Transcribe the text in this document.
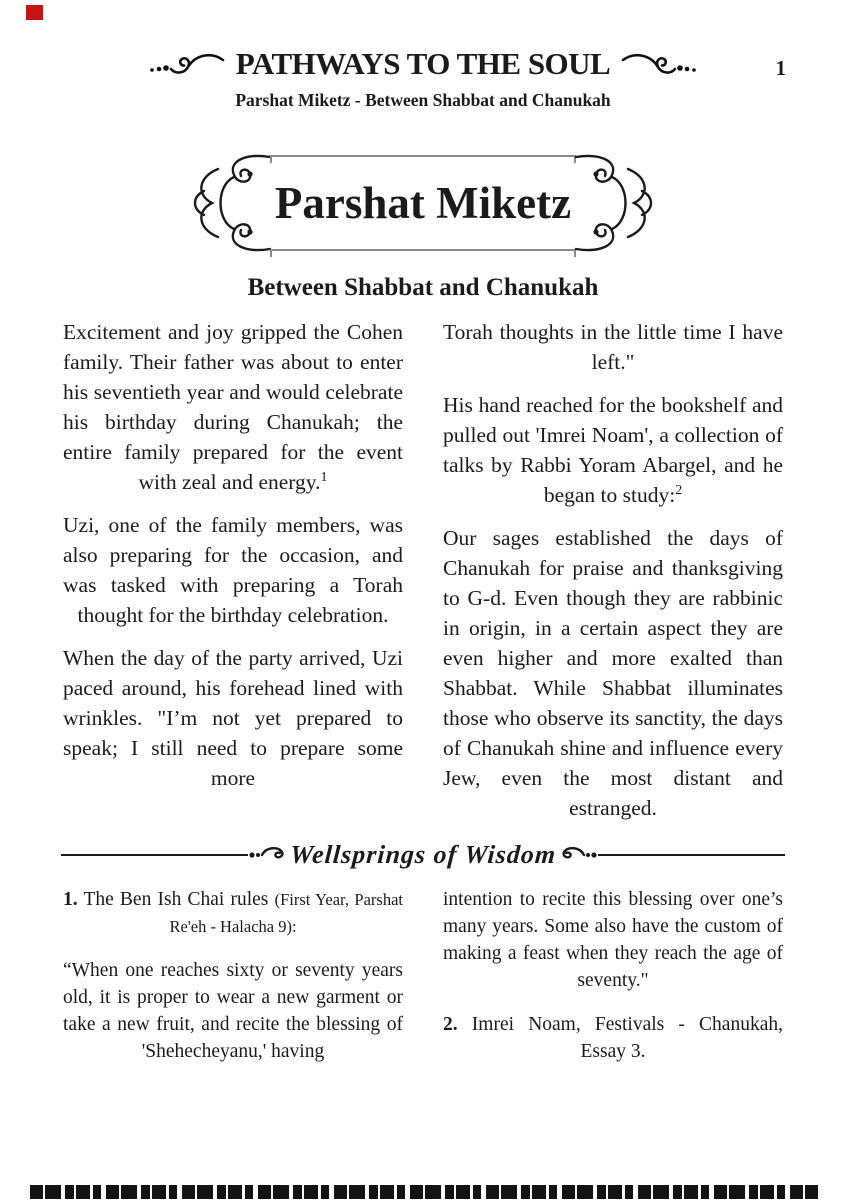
PATHWAYS TO THE SOUL	1
Parshat Miketz - Between Shabbat and Chanukah
Parshat Miketz
Between Shabbat and Chanukah

Excitement and joy gripped the Cohen family. Their father was about to enter his seventieth year and would celebrate his birthday during Chanukah; the entire family prepared for the event with zeal and energy.$^1$

Uzi, one of the family members, was also preparing for the occasion, and was tasked with preparing a Torah thought for the birthday celebration.

When the day of the party arrived, Uzi paced around, his forehead lined with wrinkles. "I’m not yet prepared to speak; I still need to prepare some more

Torah thoughts in the little time I have left."

His hand reached for the bookshelf and pulled out 'Imrei Noam', a collection of talks by Rabbi Yoram Abargel, and he began to study:$^2$

Our sages established the days of Chanukah for praise and thanksgiving to G-d. Even though they are rabbinic in origin, in a certain aspect they are even higher and more exalted than Shabbat. While Shabbat illuminates those who observe its sanctity, the days of Chanukah shine and influence every Jew, even the most distant and estranged.

Wellsprings of Wisdom

1. The Ben Ish Chai rules (First Year, Parshat Re'eh - Halacha 9):

“When one reaches sixty or seventy years old, it is proper to wear a new garment or take a new fruit, and recite the blessing of 'Shehecheyanu,' having

intention to recite this blessing over one’s many years. Some also have the custom of making a feast when they reach the age of seventy."

2. Imrei Noam, Festivals - Chanukah, Essay 3.
